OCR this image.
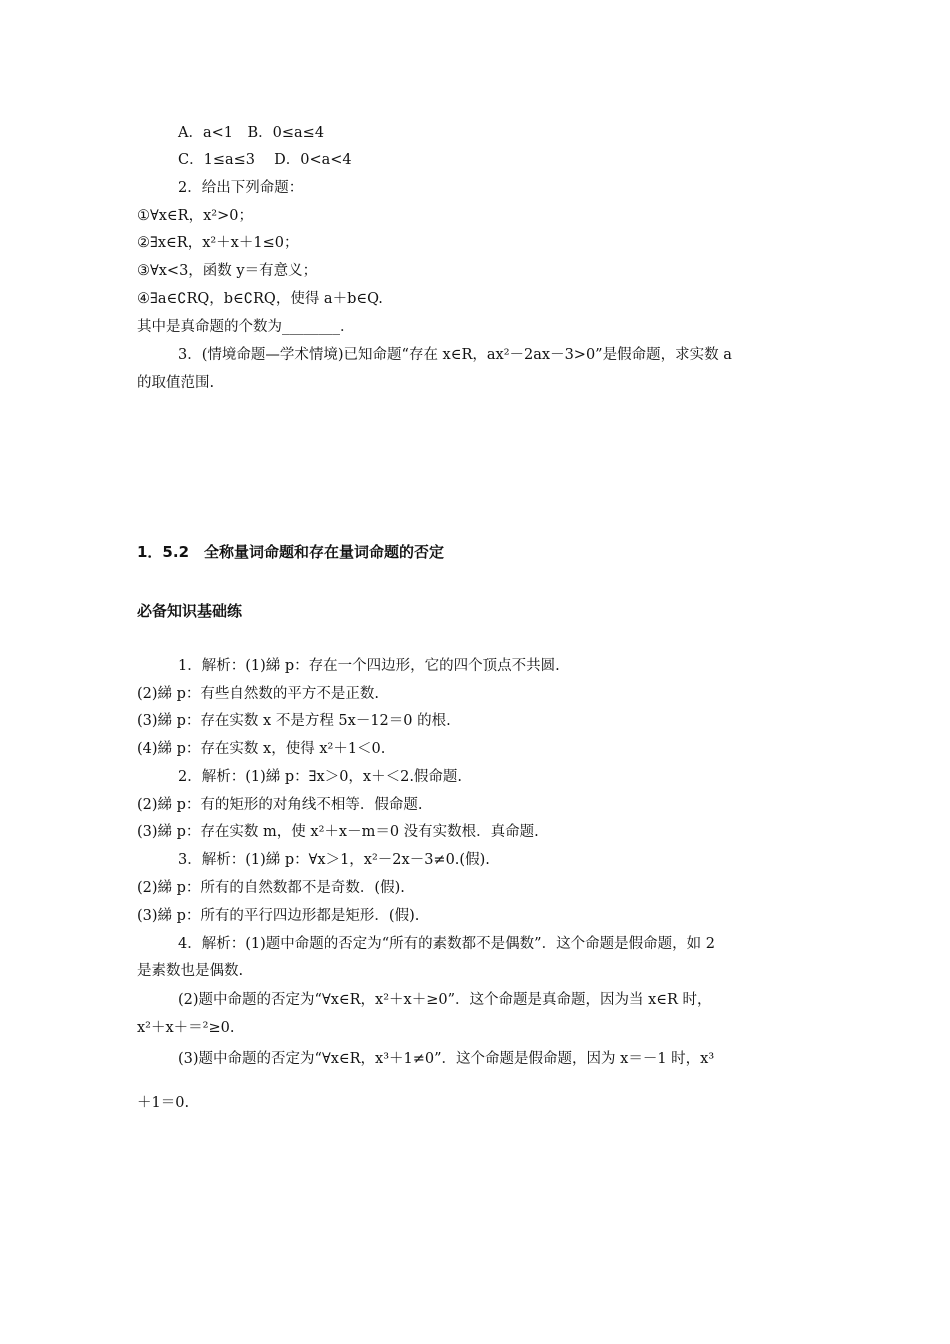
A．a<1　B．0≤a≤4
C．1≤a≤3　 D．0<a<4
2．给出下列命题：
①∀x∈R，x²>0；
②∃x∈R，x²＋x＋1≤0；
③∀x<3，函数 y＝有意义；
④∃a∈∁RQ，b∈∁RQ，使得 a＋b∈Q.
其中是真命题的个数为________．
3．(情境命题—学术情境)已知命题“存在 x∈R，ax²－2ax－3>0”是假命题，求实数 a
的取值范围.
1．5.2　全称量词命题和存在量词命题的否定
必备知识基础练
1．解析：(1)綈 p：存在一个四边形，它的四个顶点不共圆.
(2)綈 p：有些自然数的平方不是正数.
(3)綈 p：存在实数 x 不是方程 5x－12＝0 的根.
(4)綈 p：存在实数 x，使得 x²＋1＜0.
2．解析：(1)綈 p：∃x＞0，x＋＜2.假命题.
(2)綈 p：有的矩形的对角线不相等．假命题.
(3)綈 p：存在实数 m，使 x²＋x－m＝0 没有实数根．真命题.
3．解析：(1)綈 p：∀x＞1，x²－2x－3≠0.(假).
(2)綈 p：所有的自然数都不是奇数．(假).
(3)綈 p：所有的平行四边形都是矩形．(假).
4．解析：(1)题中命题的否定为“所有的素数都不是偶数”．这个命题是假命题，如 2
是素数也是偶数.
(2)题中命题的否定为“∀x∈R，x²＋x＋≥0”．这个命题是真命题，因为当 x∈R 时，
x²＋x＋＝²≥0.
(3)题中命题的否定为“∀x∈R，x³＋1≠0”．这个命题是假命题，因为 x＝－1 时，x³
＋1＝0.
